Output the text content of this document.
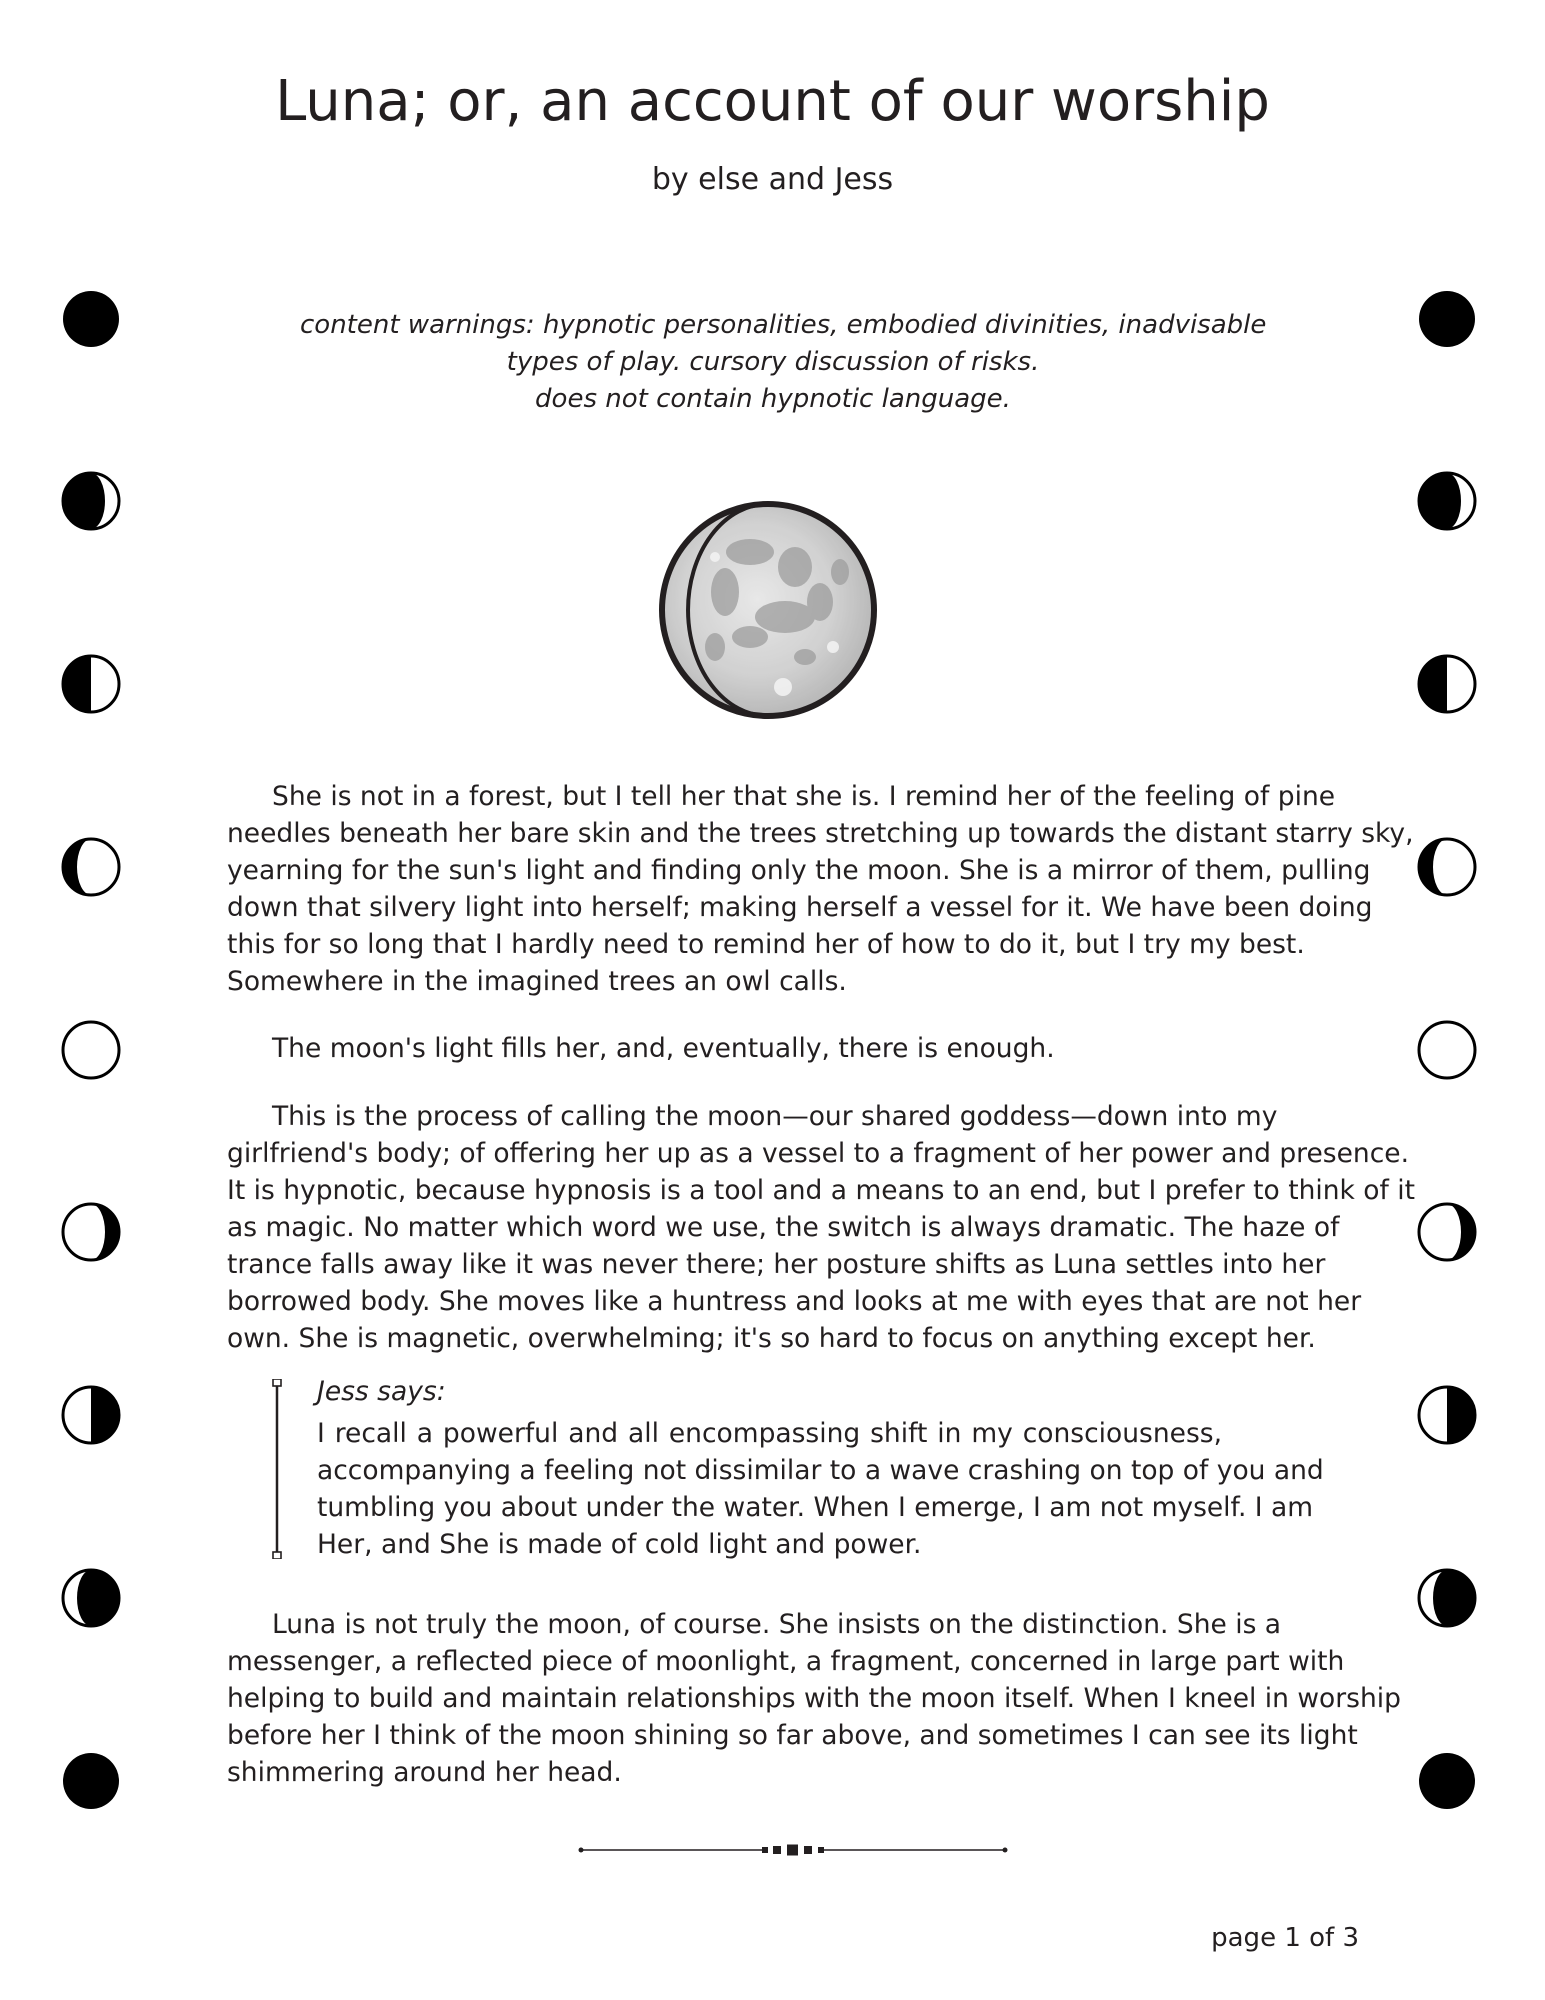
Luna; or, an account of our worship
by else and Jess
content warnings: hypnotic personalities, embodied divinities, inadvisable
types of play. cursory discussion of risks.
does not contain hypnotic language.
She is not in a forest, but I tell her that she is. I remind her of the feeling of pine
needles beneath her bare skin and the trees stretching up towards the distant starry sky,
yearning for the sun's light and finding only the moon. She is a mirror of them, pulling
down that silvery light into herself; making herself a vessel for it. We have been doing
this for so long that I hardly need to remind her of how to do it, but I try my best.
Somewhere in the imagined trees an owl calls.
The moon's light fills her, and, eventually, there is enough.
This is the process of calling the moon—our shared goddess—down into my
girlfriend's body; of offering her up as a vessel to a fragment of her power and presence.
It is hypnotic, because hypnosis is a tool and a means to an end, but I prefer to think of it
as magic. No matter which word we use, the switch is always dramatic. The haze of
trance falls away like it was never there; her posture shifts as Luna settles into her
borrowed body. She moves like a huntress and looks at me with eyes that are not her
own. She is magnetic, overwhelming; it's so hard to focus on anything except her.
Jess says:
I recall a powerful and all encompassing shift in my consciousness,
accompanying a feeling not dissimilar to a wave crashing on top of you and
tumbling you about under the water. When I emerge, I am not myself. I am
Her, and She is made of cold light and power.
Luna is not truly the moon, of course. She insists on the distinction. She is a
messenger, a reflected piece of moonlight, a fragment, concerned in large part with
helping to build and maintain relationships with the moon itself. When I kneel in worship
before her I think of the moon shining so far above, and sometimes I can see its light
shimmering around her head.
page 1 of 3
